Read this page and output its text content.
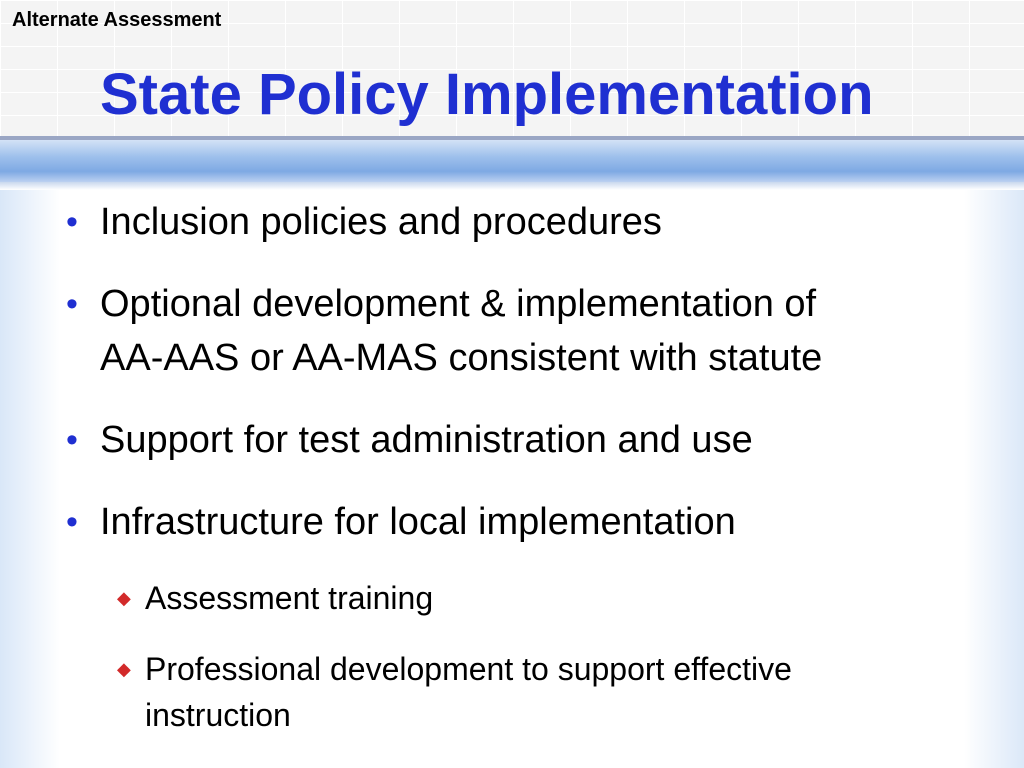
Alternate Assessment
State Policy Implementation
• Inclusion policies and procedures
• Optional development & implementation of
AA-AAS or AA-MAS consistent with statute
• Support for test administration and use
• Infrastructure for local implementation
◆ Assessment training
◆ Professional development to support effective
instruction
